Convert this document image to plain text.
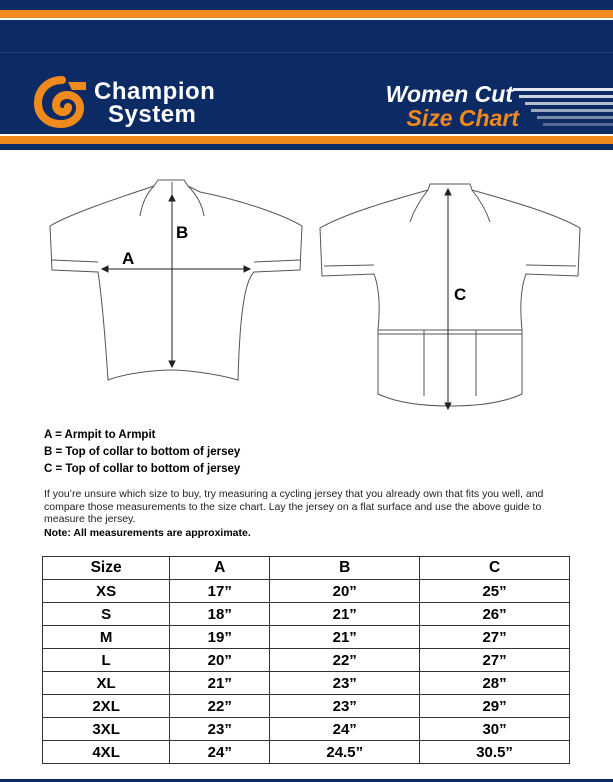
Champion
System
Women Cut
Size Chart
A
B
C
A = Armpit to Armpit
B = Top of collar to bottom of jersey
C = Top of collar to bottom of jersey
If you’re unsure which size to buy, try measuring a cycling jersey that you already own that fits you well, and compare those measurements to the size chart. Lay the jersey on a flat surface and use the above guide to measure the jersey.
Note: All measurements are approximate.
Size	A	B	C
XS	17”	20”	25”
S	18”	21”	26”
M	19”	21”	27”
L	20”	22”	27”
XL	21”	23”	28”
2XL	22”	23”	29”
3XL	23”	24”	30”
4XL	24”	24.5”	30.5”
